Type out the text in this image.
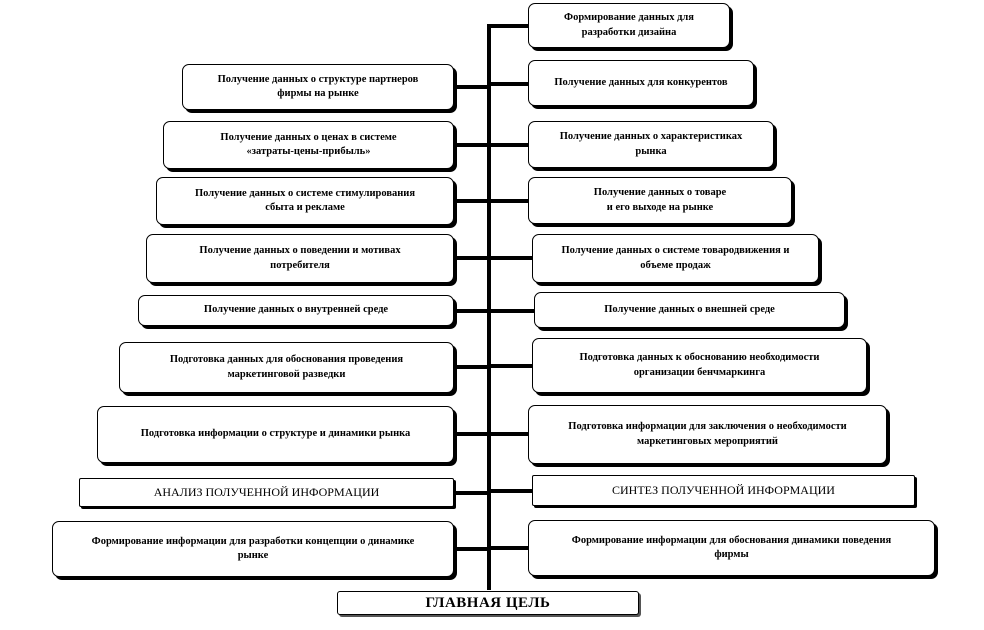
Получение данных о структуре партнеров
фирмы на рынке
Получение данных о ценах в системе
«затраты-цены-прибыль»
Получение данных о системе стимулирования
сбыта и рекламе
Получение данных о поведении и мотивах
потребителя
Получение данных о внутренней среде
Подготовка данных для обоснования проведения
маркетинговой разведки
Подготовка информации о структуре и динамики рынка
АНАЛИЗ ПОЛУЧЕННОЙ ИНФОРМАЦИИ
Формирование информации для разработки концепции о динамике
рынке
Формирование данных для
разработки дизайна
Получение данных для конкурентов
Получение данных о характеристиках
рынка
Получение данных о товаре
и его выходе на рынке
Получение данных о системе товародвижения и
объеме продаж
Получение данных о внешней среде
Подготовка данных к обоснованию необходимости
организации бенчмаркинга
Подготовка информации для заключения о необходимости
маркетинговых мероприятий
СИНТЕЗ ПОЛУЧЕННОЙ ИНФОРМАЦИИ
Формирование информации для обоснования динамики поведения
фирмы
ГЛАВНАЯ ЦЕЛЬ
